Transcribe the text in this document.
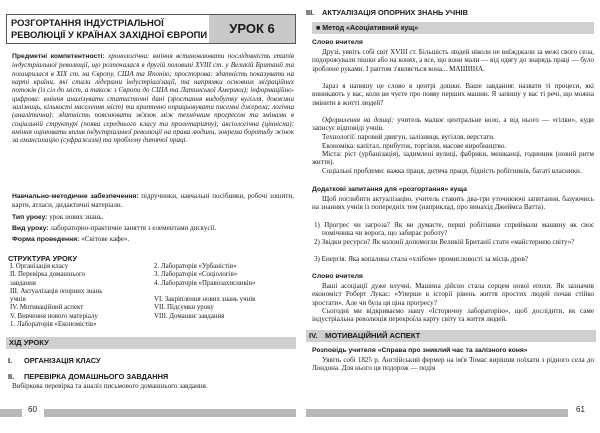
РОЗГОРТАННЯ ІНДУСТРІАЛЬНОЇ РЕВОЛЮЦІЇ У КРАЇНАХ ЗАХІДНОЇ ЄВРОПИ	УРОК 6
Предметні компетентності: хронологічна: вміння встановлювати послідовність етапів індустріальної революції, що розпочалася в другій половині XVIII ст. у Великій Британії та поширилася в XIX ст. на Європу, США та Японію; просторова: здатність показувати на карті країни, які стали лідерами індустріалізації, та напрямки основних міграційних потоків (із сіл до міст, а також з Європи до США та Латинської Америки); інформаційно-цифрова: вміння аналізувати статистичні дані (зростання видобутку вугілля, довжини залізниць, кількості населення міст) та критично опрацьовувати писемні джерела; логічна (аналітична): здатність пояснювати зв'язок між технічним прогресом та змінами в соціальній структурі (поява середнього класу та пролетаріату); аксіологічна (ціннісна): вміння оцінювати вплив індустріальної революції на права людини, зокрема боротьбу жінок за емансипацію (суфражизм) та проблему дитячої праці.
Навчально-методичне забезпечення: підручники, навчальні посібники, робочі зошити, карти, атласи, дидактичні матеріали.
Тип уроку: урок нових знань.
Вид уроку: лабораторно-практичне заняття з елементами дискусії.
Форма проведення: «Світове кафе».
СТРУКТУРА УРОКУ
I. Організація класу
II. Перевірка домашнього
завдання
III. Актуалізація опорних знань
учнів
IV. Мотиваційний аспект
V. Вивчення нового матеріалу
1. Лабораторія «Економістів»
2. Лабораторія «Урбаністів»
3. Лабораторія «Соціологів»
4. Лабораторія «Правозахисників»

VI. Закріплення нових знань учнів
VII. Підсумки уроку
VIII. Домашнє завдання
ХІД УРОКУ
I. ОРГАНІЗАЦІЯ КЛАСУ
II. ПЕРЕВІРКА ДОМАШНЬОГО ЗАВДАННЯ
Вибіркова перевірка та аналіз письмового домашнього завдання.
60
III. АКТУАЛІЗАЦІЯ ОПОРНИХ ЗНАНЬ УЧНІВ
■ Метод «Асоціативний кущ»
Слово вчителя
Друзі, уявіть собі світ XVIII ст. Більшість людей ніколи не виїжджали за межі свого села, подорожували пішки або на конях, а все, що вони мали — від одягу до знарядь праці — було зроблене руками. І раптом з'являється вона... МАШИНА.
Зараз я напишу це слово в центрі дошки. Ваше завдання: назвати ті процеси, які виникають у вас, коли ви чуєте про появу перших машин. Я запишу у вас ті речі, що можна змінити в житті людей?
Оформлення на дошці: учитель малює центральне коло, а від нього — «гілки», куди записує відповіді учнів.
Технології: паровий двигун, залізниця, вугілля, верстати.
Економіка: капітал, прибуток, торгівля, масове виробництво.
Міста: ріст (урбанізація), задимлені вулиці, фабрики, мешканці, годинник (новий ритм життя).
Соціальні проблеми: важка праця, дитяча праця, бідність робітників, багаті власники.
Додаткові запитання для «розгортання» куща
Щоб поглибити актуалізацію, учитель ставить два-три уточнюючі запитання, базуючись на знаннях учнів із попередніх тем (наприклад, про винахід Джеймса Ватта).
1) Прогрес чи загроза? Як ви думаєте, перші робітники сприймали машину як своє помічника чи ворога, що забирає роботу?
2) Звідки ресурси? Як колонії допомогли Великій Британії стати «майстернею світу»?
3) Енергія. Яка копалина стала «хлібом» промисловості за місць дров?
Слово вчителя
Ваші асоціації дуже влучні. Машина дійсно стала серцем нової епохи. Як зазначив економіст Роберт Лукас: «Уперше в історії рівень життя простих людей почав стійко зростати». Але чи була ця ціна прогресу?
Сьогодні ми відкриваємо нашу «Історичну лабораторію», щоб дослідити, як саме індустріальна революція перекроїла карту світу та життя людей.
IV. МОТИВАЦІЙНИЙ АСПЕКТ
Розповідь учителя «Справа про зниклий час та залізного коня»
Уявіть собі 1825 р. Англійський фермер на ім'я Томас вирішив поїхати з рідного села до Лондона. Для нього ця подорож — подія
61
